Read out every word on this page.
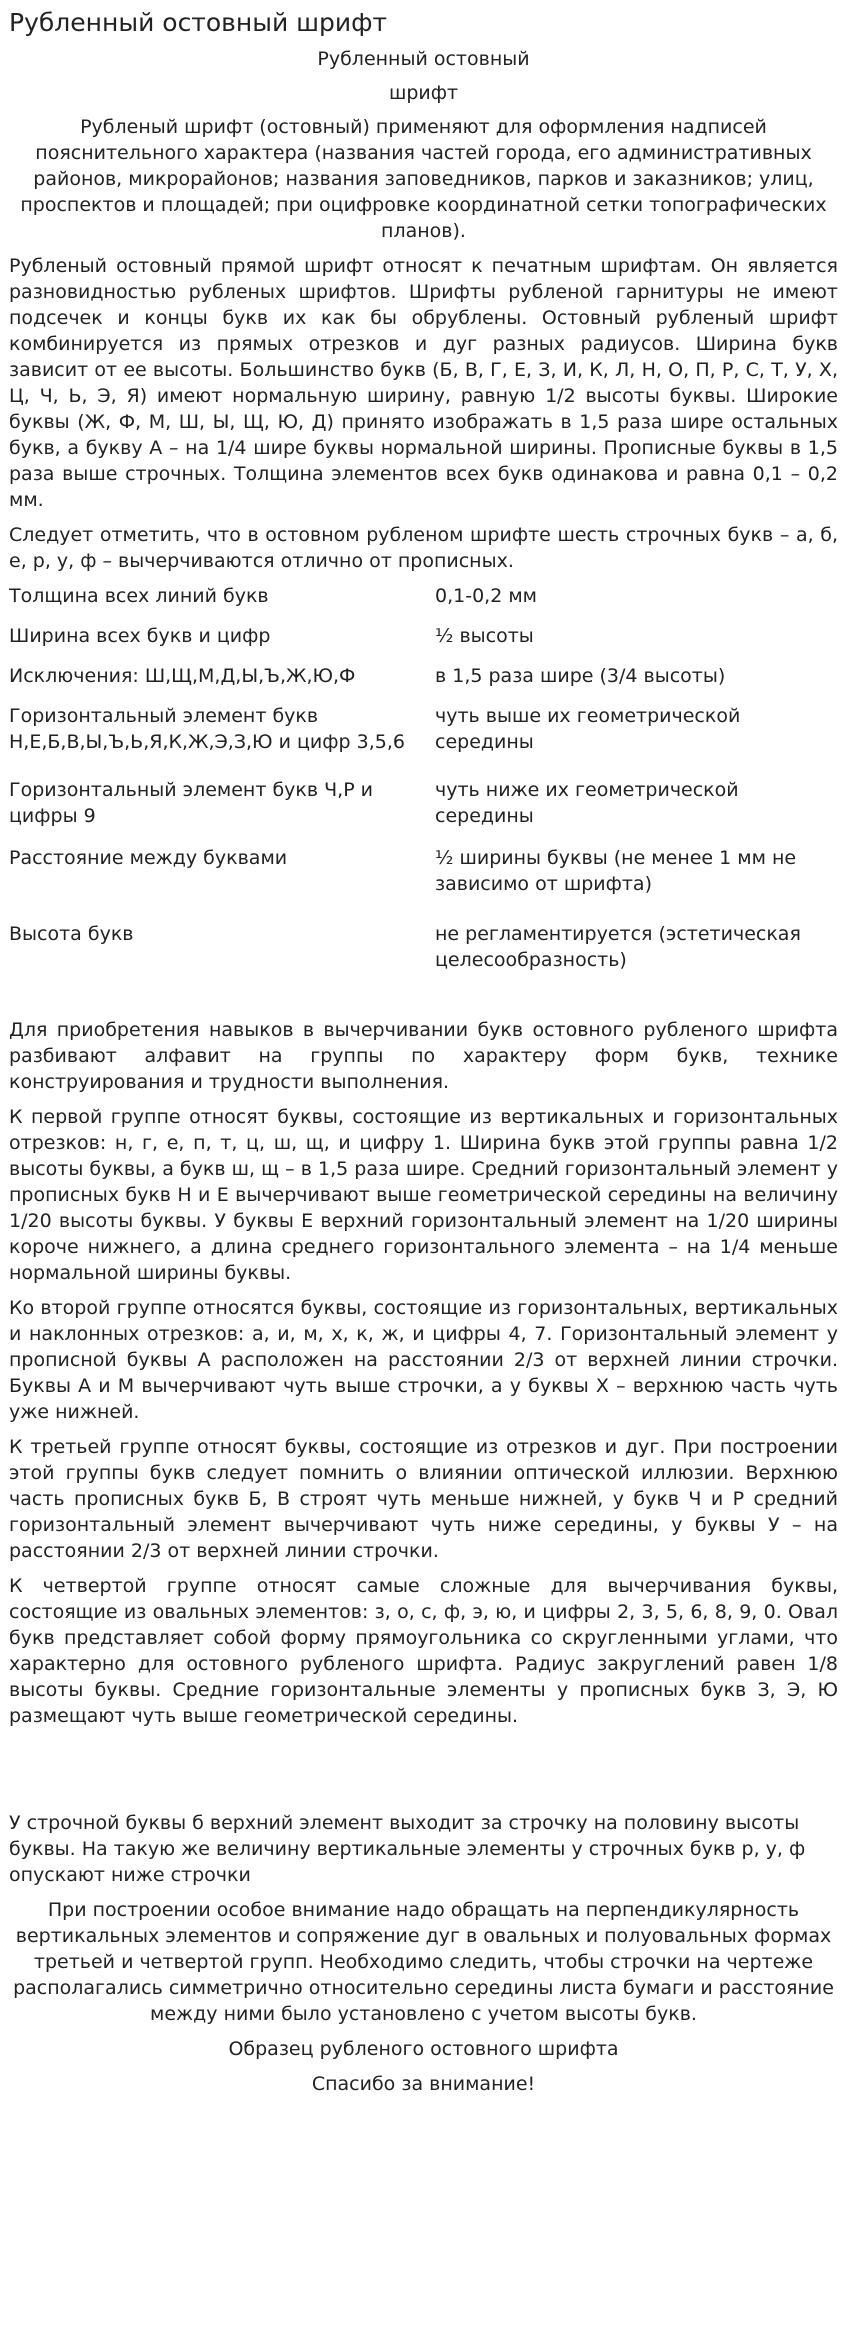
Рубленный остовный шрифт
Рубленный остовный
шрифт
Рубленый шрифт (остовный) применяют для оформления надписей пояснительного характера (названия частей города, его административных районов, микрорайонов; названия заповедников, парков и заказников; улиц, проспектов и площадей; при оцифровке координатной сетки топографических планов).
Рубленый остовный прямой шрифт относят к печатным шрифтам. Он является разновидностью рубленых шрифтов. Шрифты рубленой гарнитуры не имеют подсечек и концы букв их как бы обрублены. Остовный рубленый шрифт комбинируется из прямых отрезков и дуг разных радиусов. Ширина букв зависит от ее высоты. Большинство букв (Б, В, Г, Е, З, И, К, Л, Н, О, П, Р, С, Т, У, Х, Ц, Ч, Ь, Э, Я) имеют нормальную ширину, равную 1/2 высоты буквы. Широкие буквы (Ж, Ф, М, Ш, Ы, Щ, Ю, Д) принято изображать в 1,5 раза шире остальных букв, а букву А – на 1/4 шире буквы нормальной ширины. Прописные буквы в 1,5 раза выше строчных. Толщина элементов всех букв одинакова и равна 0,1 – 0,2 мм.
Следует отметить, что в остовном рубленом шрифте шесть строчных букв – а, б, е, р, у, ф – вычерчиваются отлично от прописных.
Толщина всех линий букв	0,1-0,2 мм
Ширина всех букв и цифр	½ высоты
Исключения: Ш,Щ,М,Д,Ы,Ъ,Ж,Ю,Ф	в 1,5 раза шире (3/4 высоты)
Горизонтальный элемент букв Н,Е,Б,В,Ы,Ъ,Ь,Я,К,Ж,Э,З,Ю и цифр 3,5,6	чуть выше их геометрической середины
Горизонтальный элемент букв Ч,Р и цифры 9	чуть ниже их геометрической середины
Расстояние между буквами	½ ширины буквы (не менее 1 мм не зависимо от шрифта)
Высота букв	не регламентируется (эстетическая целесообразность)
Для приобретения навыков в вычерчивании букв остовного рубленого шрифта разбивают алфавит на группы по характеру форм букв, технике конструирования и трудности выполнения.
К первой группе относят буквы, состоящие из вертикальных и горизонтальных отрезков: н, г, е, п, т, ц, ш, щ, и цифру 1. Ширина букв этой группы равна 1/2 высоты буквы, а букв ш, щ – в 1,5 раза шире. Средний горизонтальный элемент у прописных букв Н и Е вычерчивают выше геометрической середины на величину 1/20 высоты буквы. У буквы Е верхний горизонтальный элемент на 1/20 ширины короче нижнего, а длина среднего горизонтального элемента – на 1/4 меньше нормальной ширины буквы.
Ко второй группе относятся буквы, состоящие из горизонтальных, вертикальных и наклонных отрезков: а, и, м, х, к, ж, и цифры 4, 7. Горизонтальный элемент у прописной буквы А расположен на расстоянии 2/3 от верхней линии строчки. Буквы А и М вычерчивают чуть выше строчки, а у буквы Х – верхнюю часть чуть уже нижней.
К третьей группе относят буквы, состоящие из отрезков и дуг. При построении этой группы букв следует помнить о влиянии оптической иллюзии. Верхнюю часть прописных букв Б, В строят чуть меньше нижней, у букв Ч и Р средний горизонтальный элемент вычерчивают чуть ниже середины, у буквы У – на расстоянии 2/3 от верхней линии строчки.
К четвертой группе относят самые сложные для вычерчивания буквы, состоящие из овальных элементов: з, о, с, ф, э, ю, и цифры 2, 3, 5, 6, 8, 9, 0. Овал букв представляет собой форму прямоугольника со скругленными углами, что характерно для остовного рубленого шрифта. Радиус закруглений равен 1/8 высоты буквы. Средние горизонтальные элементы у прописных букв З, Э, Ю размещают чуть выше геометрической середины.
У строчной буквы б верхний элемент выходит за строчку на половину высоты буквы. На такую же величину вертикальные элементы у строчных букв р, у, ф опускают ниже строчки
При построении особое внимание надо обращать на перпендикулярность вертикальных элементов и сопряжение дуг в овальных и полуовальных формах третьей и четвертой групп. Необходимо следить, чтобы строчки на чертеже располагались симметрично относительно середины листа бумаги и расстояние между ними было установлено с учетом высоты букв.
Образец рубленого остовного шрифта
Спасибо за внимание!
